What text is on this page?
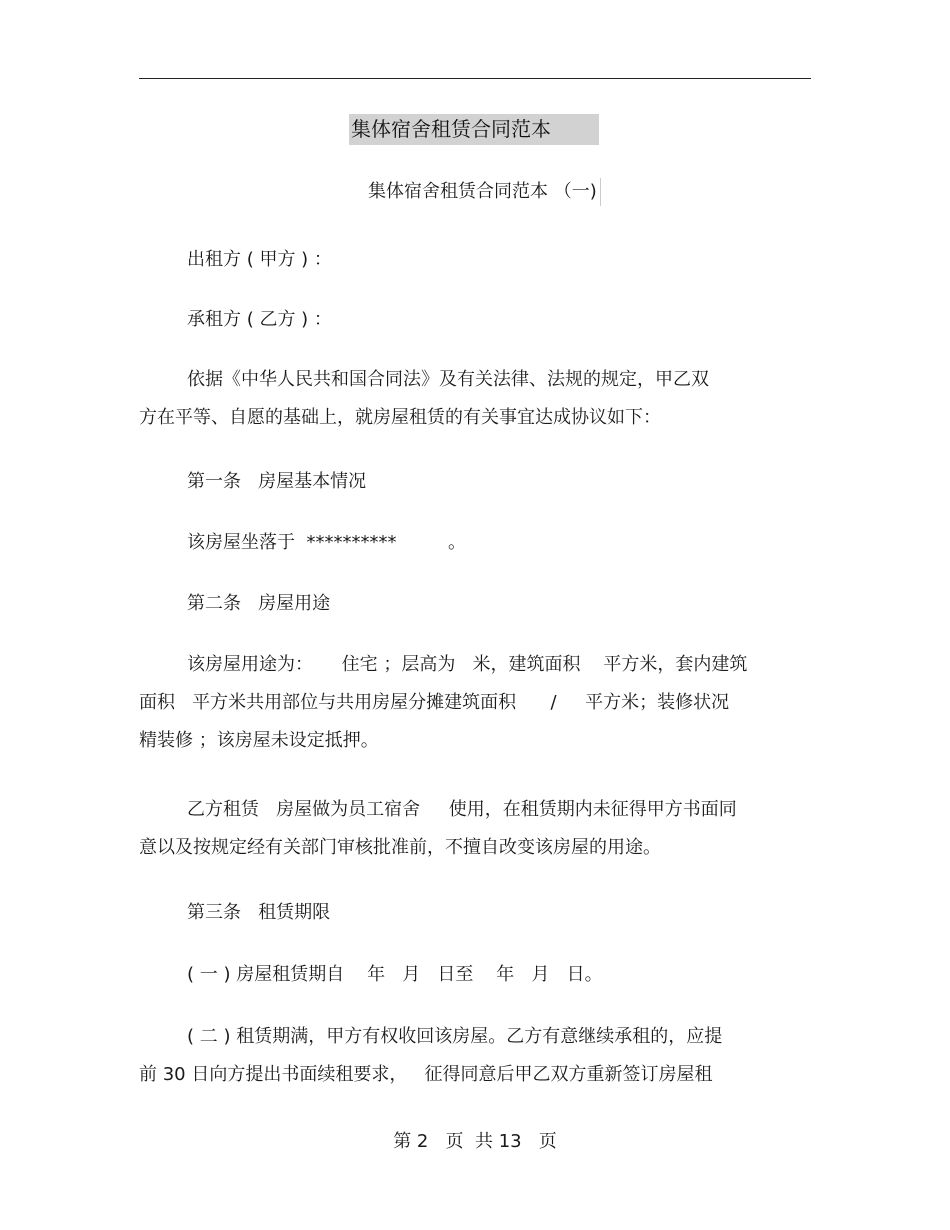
集体宿舍租赁合同范本
集体宿舍租赁合同范本 （一)
出租方 ( 甲方 ) ：
承租方 ( 乙方 ) ：
依据《中华人民共和国合同法》及有关法律、法规的规定，甲乙双
方在平等、自愿的基础上，就房屋租赁的有关事宜达成协议如下：
第一条   房屋基本情况
该房屋坐落于  **********         。
第二条   房屋用途
该房屋用途为：     住宅 ；层高为   米，建筑面积    平方米，套内建筑
面积   平方米共用部位与共用房屋分摊建筑面积      /     平方米；装修状况
精装修 ；该房屋未设定抵押。
乙方租赁   房屋做为员工宿舍     使用，在租赁期内未征得甲方书面同
意以及按规定经有关部门审核批准前，不擅自改变该房屋的用途。
第三条   租赁期限
( 一 ) 房屋租赁期自    年   月   日至    年   月   日。
( 二 ) 租赁期满，甲方有权收回该房屋。乙方有意继续承租的，应提
前 30 日向方提出书面续租要求，   征得同意后甲乙双方重新签订房屋租
第 2   页  共 13   页
